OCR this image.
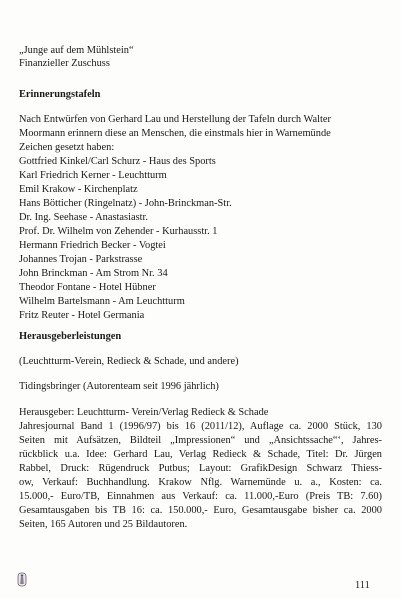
„Junge auf dem Mühlstein“

Finanzieller Zuschuss

Erinnerungstafeln

Nach Entwürfen von Gerhard Lau und Herstellung der Tafeln durch Walter

Moormann erinnern diese an Menschen, die einstmals hier in Warnemünde

Zeichen gesetzt haben:

Gottfried Kinkel/Carl Schurz - Haus des Sports

Karl Friedrich Kerner - Leuchtturm

Emil Krakow - Kirchenplatz

Hans Bötticher (Ringelnatz) - John-Brinckman-Str.

Dr. Ing. Seehase - Anastasiastr.

Prof. Dr. Wilhelm von Zehender - Kurhausstr. 1

Hermann Friedrich Becker - Vogtei

Johannes Trojan - Parkstrasse

John Brinckman - Am Strom Nr. 34

Theodor Fontane - Hotel Hübner

Wilhelm Bartelsmann - Am Leuchtturm

Fritz Reuter - Hotel Germania

Herausgeberleistungen

(Leuchtturm-Verein, Redieck & Schade, und andere)

Tidingsbringer (Autorenteam seit 1996 jährlich)

Herausgeber: Leuchtturm- Verein/Verlag Redieck & Schade

Jahresjournal Band 1 (1996/97) bis 16 (2011/12), Auflage ca. 2000 Stück, 130

Seiten mit Aufsätzen, Bildteil „Impressionen“ und „Ansichtssache“‘, Jahres-

rückblick u.a. Idee: Gerhard Lau, Verlag Redieck & Schade, Titel: Dr. Jürgen

Rabbel, Druck: Rügendruck Putbus; Layout: GrafikDesign Schwarz Thiess-

ow, Verkauf: Buchhandlung. Krakow Nflg. Warnemünde u. a., Kosten: ca.

15.000,- Euro/TB, Einnahmen aus Verkauf: ca. 11.000,-Euro (Preis TB: 7.60)

Gesamtausgaben bis TB 16: ca. 150.000,- Euro, Gesamtausgabe bisher ca. 2000

Seiten, 165 Autoren und 25 Bildautoren.

111
